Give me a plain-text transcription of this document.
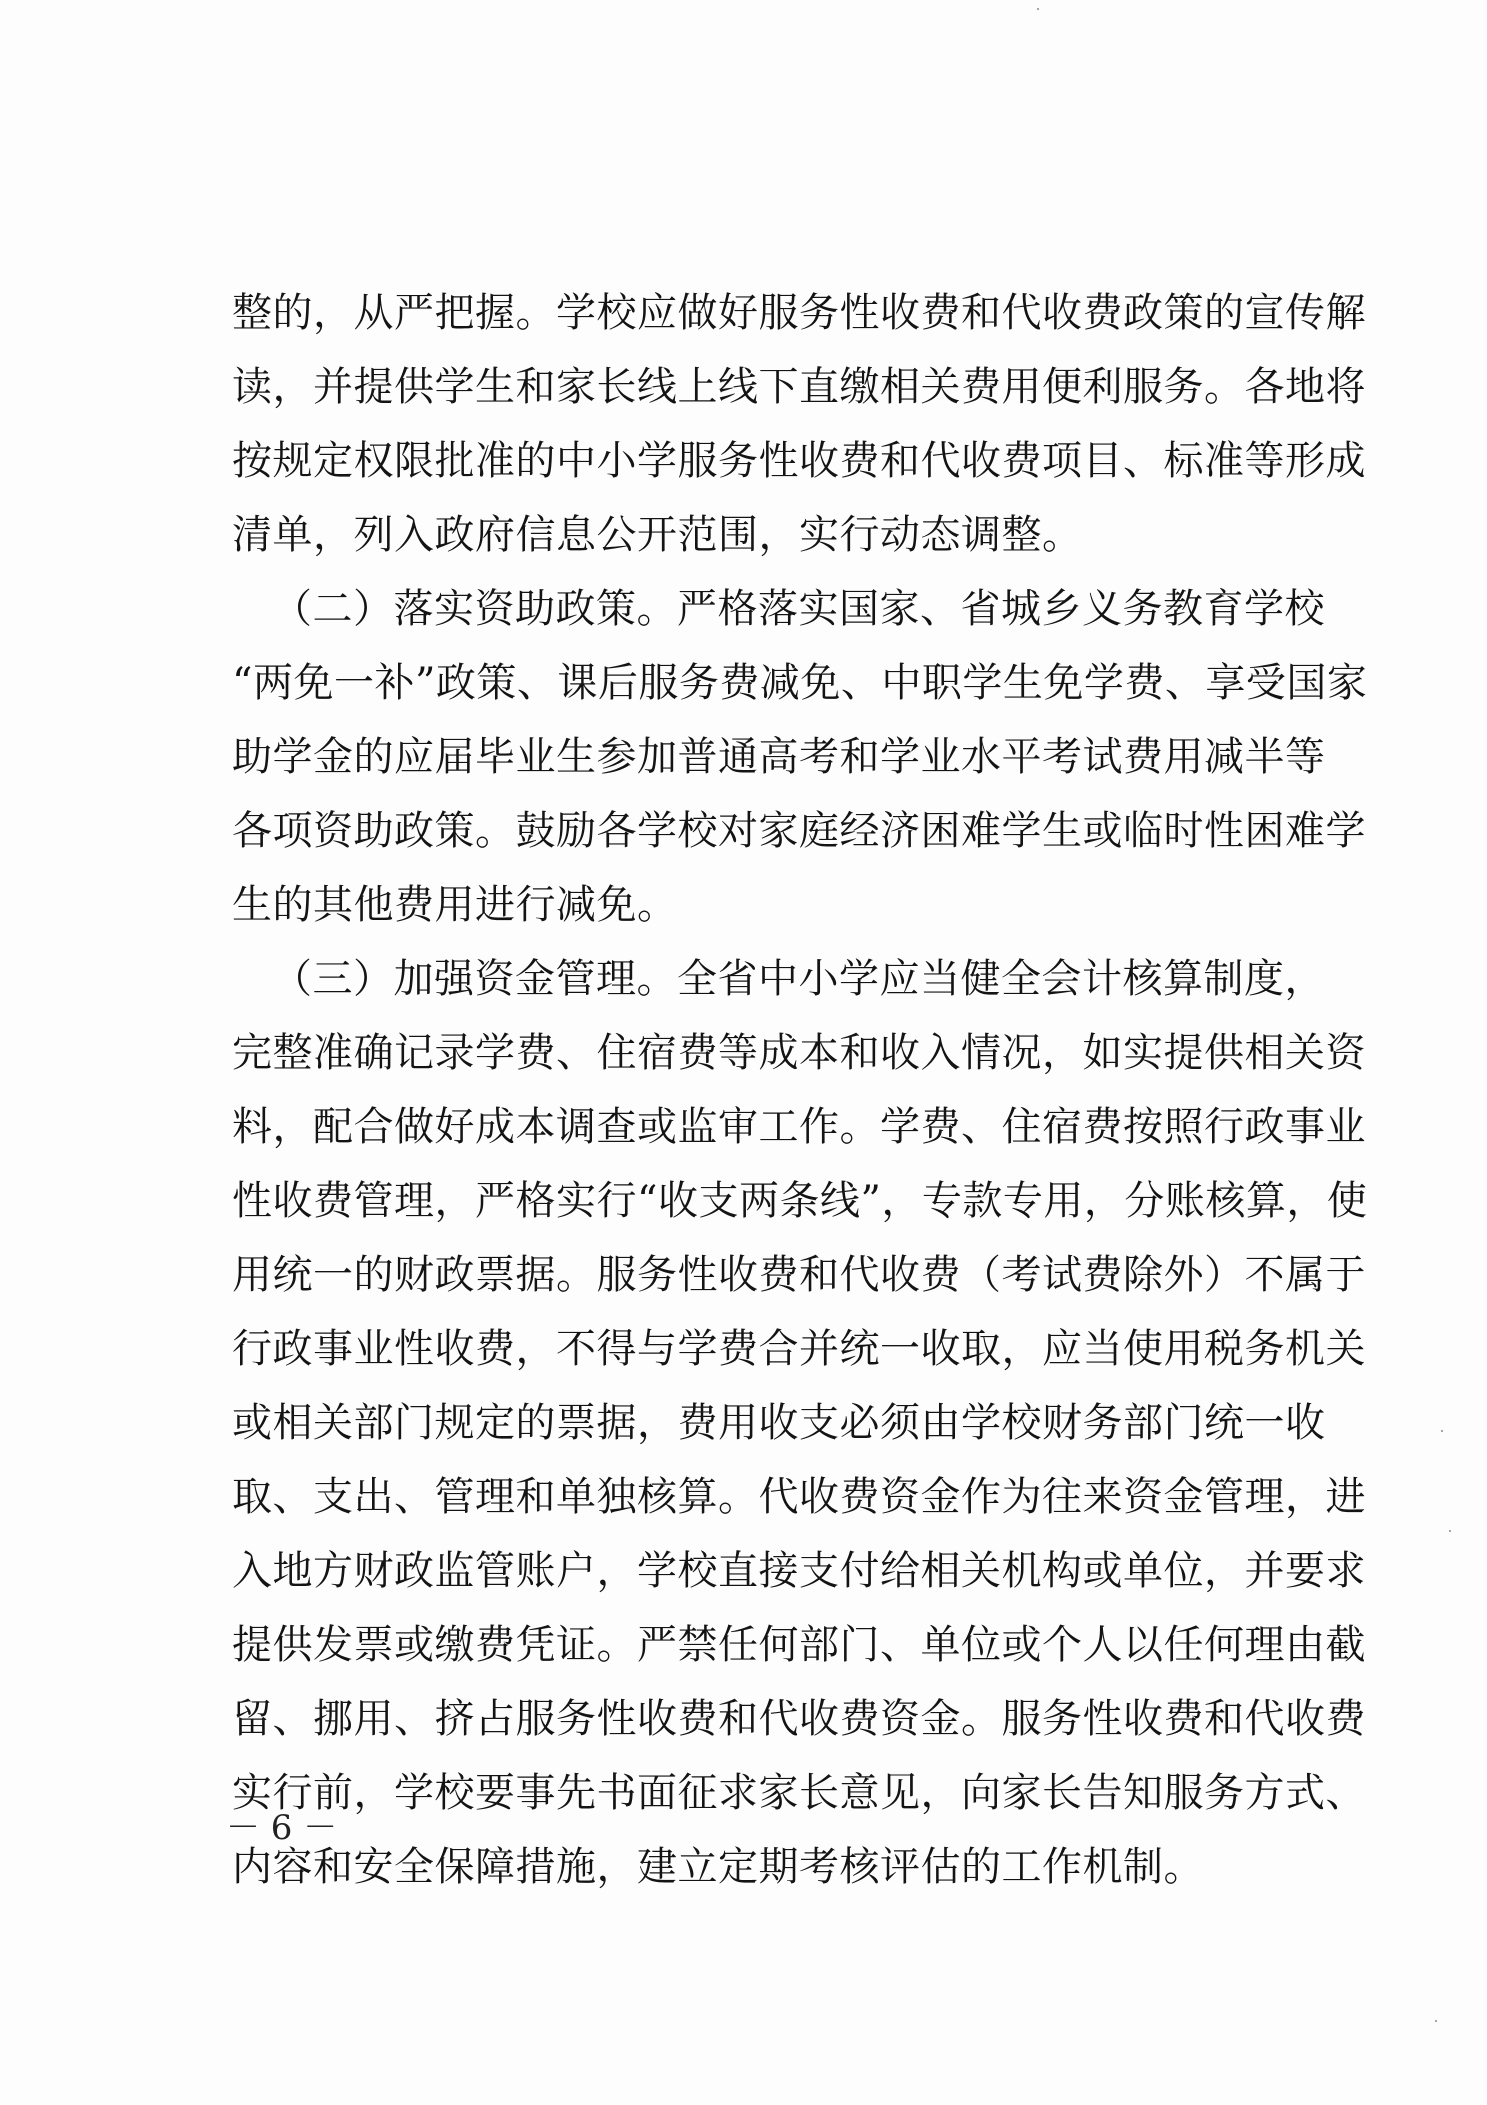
整的，从严把握。学校应做好服务性收费和代收费政策的宣传解
读，并提供学生和家长线上线下直缴相关费用便利服务。各地将
按规定权限批准的中小学服务性收费和代收费项目、标准等形成
清单，列入政府信息公开范围，实行动态调整。
（二）落实资助政策。严格落实国家、省城乡义务教育学校
“两免一补”政策、课后服务费减免、中职学生免学费、享受国家
助学金的应届毕业生参加普通高考和学业水平考试费用减半等
各项资助政策。鼓励各学校对家庭经济困难学生或临时性困难学
生的其他费用进行减免。
（三）加强资金管理。全省中小学应当健全会计核算制度，
完整准确记录学费、住宿费等成本和收入情况，如实提供相关资
料，配合做好成本调查或监审工作。学费、住宿费按照行政事业
性收费管理，严格实行“收支两条线”，专款专用，分账核算，使
用统一的财政票据。服务性收费和代收费（考试费除外）不属于
行政事业性收费，不得与学费合并统一收取，应当使用税务机关
或相关部门规定的票据，费用收支必须由学校财务部门统一收
取、支出、管理和单独核算。代收费资金作为往来资金管理，进
入地方财政监管账户，学校直接支付给相关机构或单位，并要求
提供发票或缴费凭证。严禁任何部门、单位或个人以任何理由截
留、挪用、挤占服务性收费和代收费资金。服务性收费和代收费
实行前，学校要事先书面征求家长意见，向家长告知服务方式、
内容和安全保障措施，建立定期考核评估的工作机制。
－ 6 －
